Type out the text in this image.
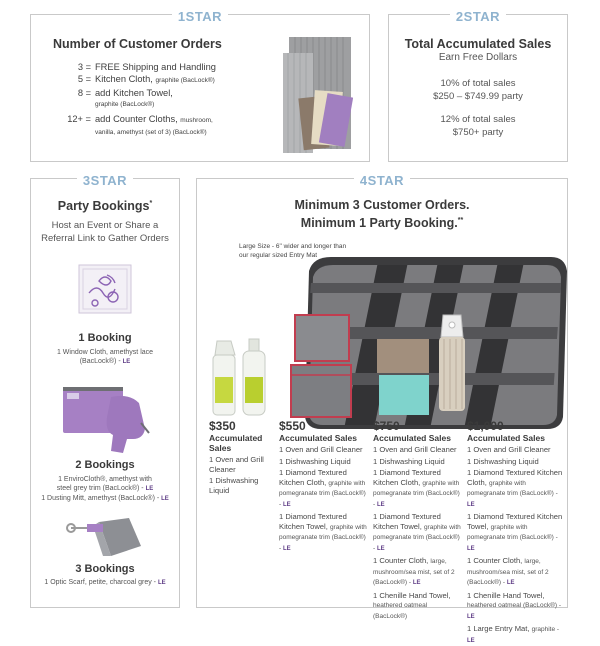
1STAR
Number of Customer Orders
3 = FREE Shipping and Handling
5 = Kitchen Cloth, graphite (BacLock®)
8 = add Kitchen Towel,
graphite (BacLock®)
12+ = add Counter Cloths, mushroom,
vanilla, amethyst (set of 3) (BacLock®)
2STAR
Total Accumulated Sales
Earn Free Dollars
10% of total sales
$250 – $749.99 party
12% of total sales
$750+ party
3STAR
Party Bookings*
Host an Event or Share a Referral Link to Gather Orders
1 Booking
1 Window Cloth, amethyst lace
(BacLock®) - LE
2 Bookings
1 EnviroCloth®, amethyst with
steel grey trim (BacLock®) - LE
1 Dusting Mitt, amethyst (BacLock®) - LE
3 Bookings
1 Optic Scarf, petite, charcoal grey - LE
4STAR
Minimum 3 Customer Orders.
Minimum 1 Party Booking.**
Large Size - 6" wider and longer than our regular sized Entry Mat
$350
Accumulated Sales
1 Oven and Grill Cleaner
1 Dishwashing Liquid
$550
Accumulated Sales
1 Oven and Grill Cleaner
1 Dishwashing Liquid
1 Diamond Textured Kitchen Cloth, graphite with pomegranate trim (BacLock®) - LE
1 Diamond Textured Kitchen Towel, graphite with pomegranate trim (BacLock®) - LE
$750
Accumulated Sales
1 Oven and Grill Cleaner
1 Dishwashing Liquid
1 Diamond Textured Kitchen Cloth, graphite with pomegranate trim (BacLock®) - LE
1 Diamond Textured Kitchen Towel, graphite with pomegranate trim (BacLock®) - LE
1 Counter Cloth, large, mushroom/sea mist, set of 2 (BacLock®) - LE
1 Chenille Hand Towel, heathered oatmeal (BacLock®)
$1,000
Accumulated Sales
1 Oven and Grill Cleaner
1 Dishwashing Liquid
1 Diamond Textured Kitchen Cloth, graphite with pomegranate trim (BacLock®) - LE
1 Diamond Textured Kitchen Towel, graphite with pomegranate trim (BacLock®) - LE
1 Counter Cloth, large, mushroom/sea mist, set of 2 (BacLock®) - LE
1 Chenille Hand Towel, heathered oatmeal (BacLock®) - LE
1 Large Entry Mat, graphite - LE
